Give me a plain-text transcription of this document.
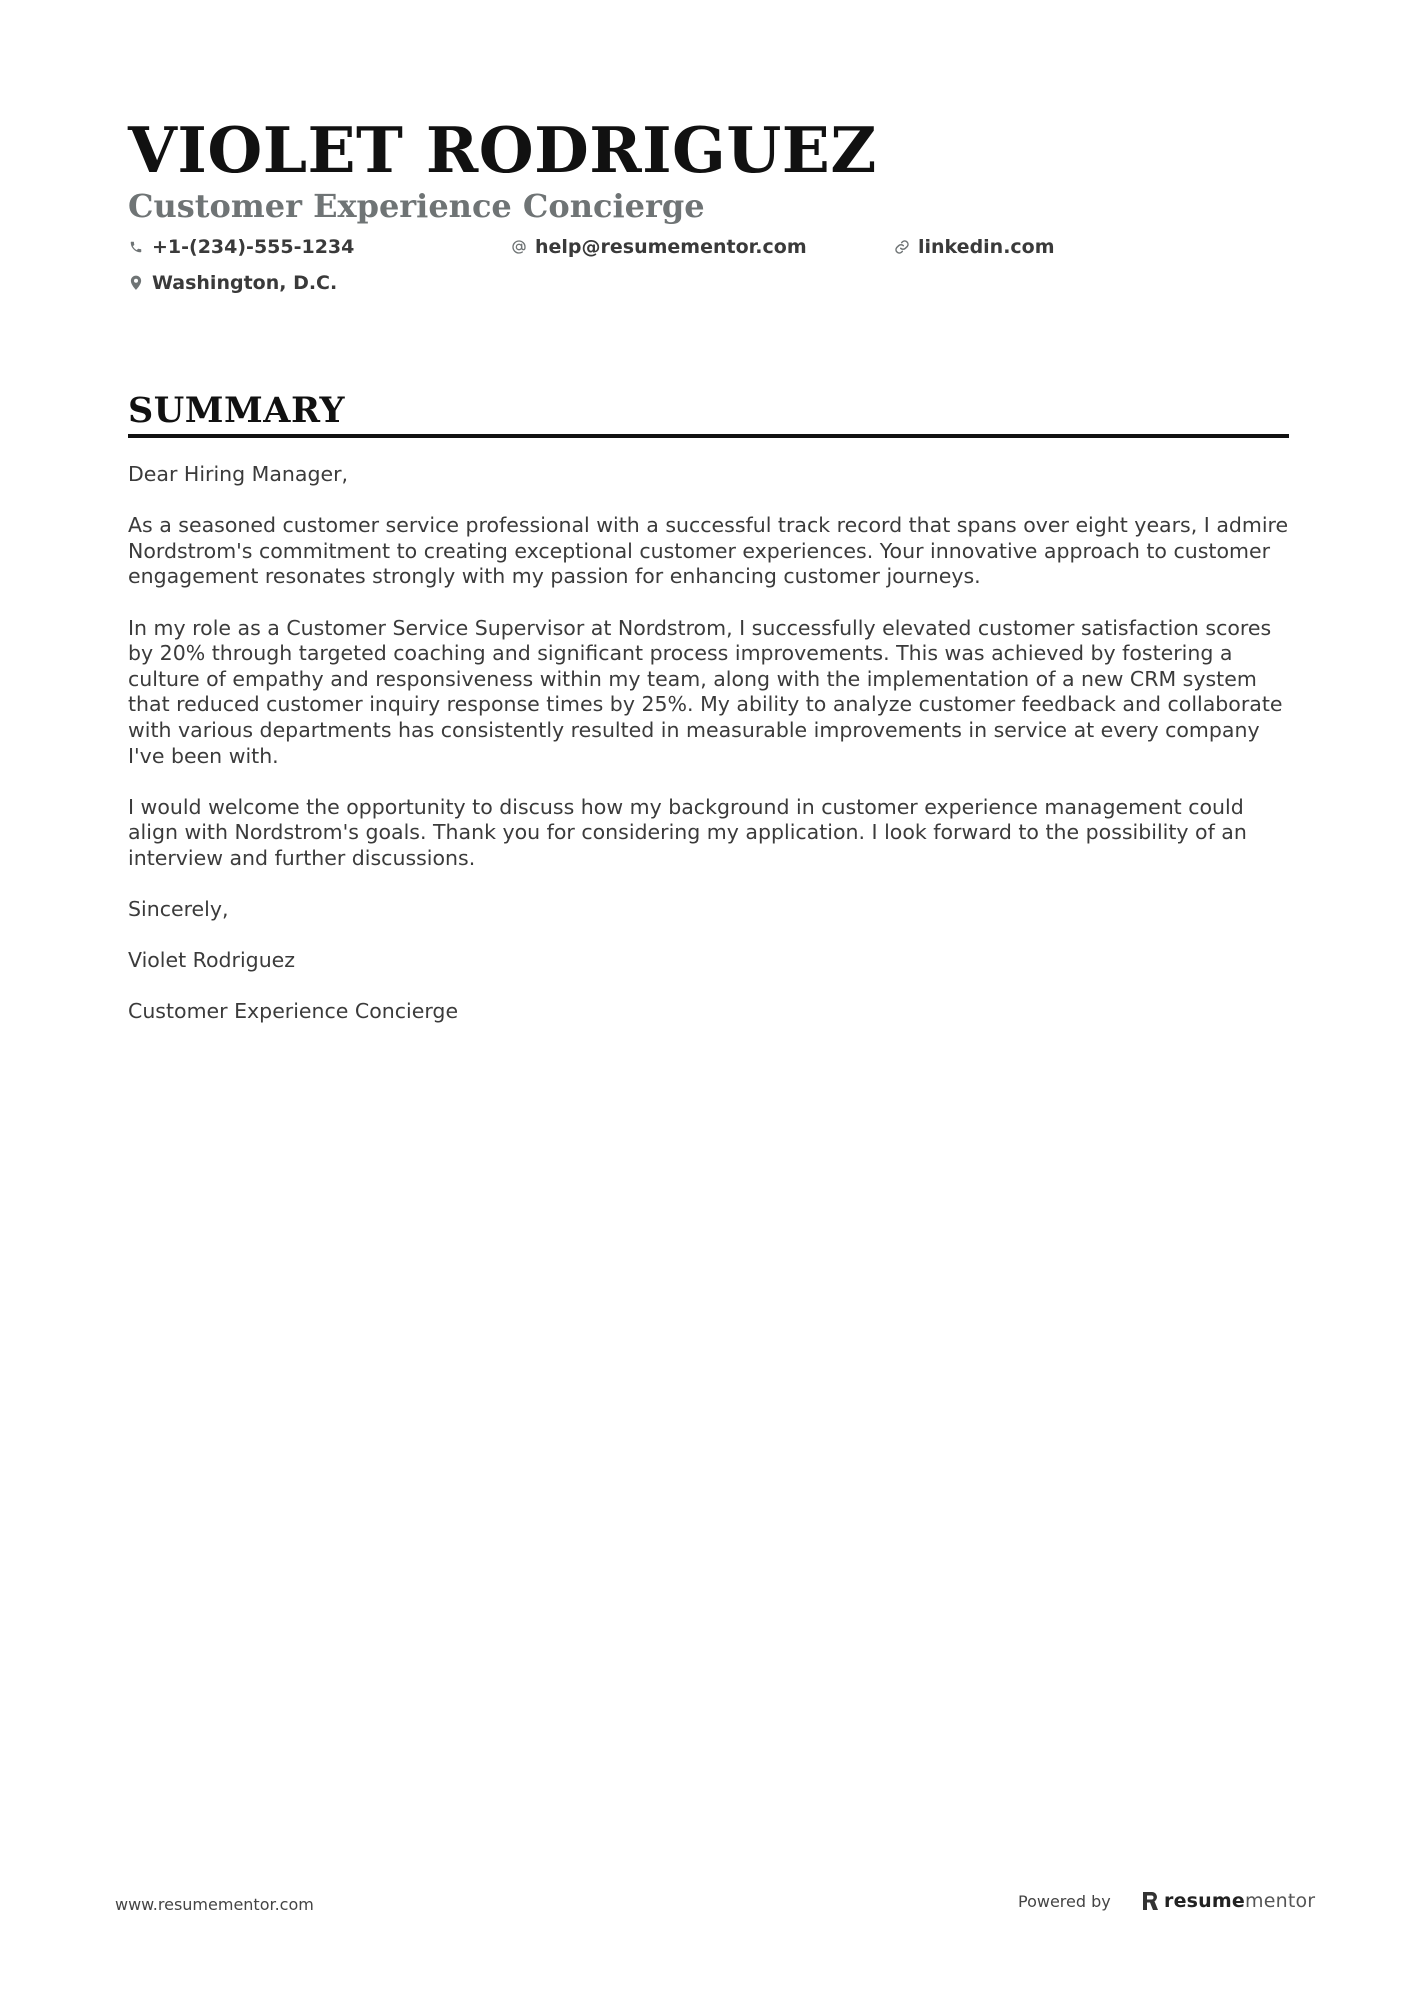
VIOLET RODRIGUEZ
Customer Experience Concierge
+1-(234)-555-1234	help@resumementor.com	linkedin.com
Washington, D.C.
SUMMARY

Dear Hiring Manager,

As a seasoned customer service professional with a successful track record that spans over eight years, I admire Nordstrom's commitment to creating exceptional customer experiences. Your innovative approach to customer engagement resonates strongly with my passion for enhancing customer journeys.

In my role as a Customer Service Supervisor at Nordstrom, I successfully elevated customer satisfaction scores by 20% through targeted coaching and significant process improvements. This was achieved by fostering a culture of empathy and responsiveness within my team, along with the implementation of a new CRM system that reduced customer inquiry response times by 25%. My ability to analyze customer feedback and collaborate with various departments has consistently resulted in measurable improvements in service at every company I've been with.

I would welcome the opportunity to discuss how my background in customer experience management could align with Nordstrom's goals. Thank you for considering my application. I look forward to the possibility of an interview and further discussions.

Sincerely,

Violet Rodriguez

Customer Experience Concierge

www.resumementor.com	Powered by	resumementor
